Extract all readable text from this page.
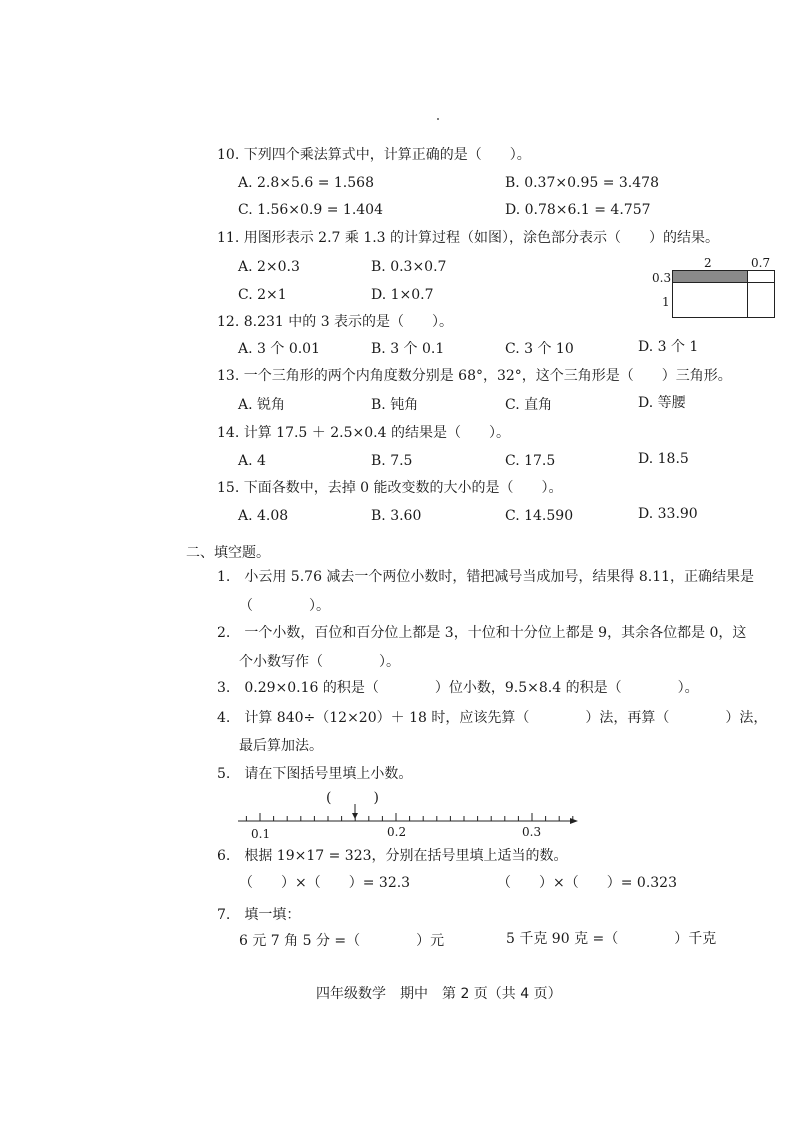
10. 下列四个乘法算式中，计算正确的是（　　）。
A. 2.8×5.6 = 1.568	B. 0.37×0.95 = 3.478
C. 1.56×0.9 = 1.404	D. 0.78×6.1 = 4.757
11. 用图形表示 2.7 乘 1.3 的计算过程（如图），涂色部分表示（　　）的结果。
A. 2×0.3	B. 0.3×0.7
C. 2×1	D. 1×0.7
2	0.7
0.3
1
12. 8.231 中的 3 表示的是（　　）。
A. 3 个 0.01	B. 3 个 0.1	C. 3 个 10	D. 3 个 1
13. 一个三角形的两个内角度数分别是 68°，32°，这个三角形是（　　）三角形。
A. 锐角	B. 钝角	C. 直角	D. 等腰
14. 计算 17.5 ＋ 2.5×0.4 的结果是（　　）。
A. 4	B. 7.5	C. 17.5	D. 18.5
15. 下面各数中，去掉 0 能改变数的大小的是（　　）。
A. 4.08	B. 3.60	C. 14.590	D. 33.90
二、填空题。
1.　小云用 5.76 减去一个两位小数时，错把减号当成加号，结果得 8.11，正确结果是
（　　　　）。
2.　一个小数，百位和百分位上都是 3，十位和十分位上都是 9，其余各位都是 0，这
个小数写作（　　　　）。
3.　0.29×0.16 的积是（　　　　）位小数，9.5×8.4 的积是（　　　　）。
4.　计算 840÷（12×20）＋ 18 时，应该先算（　　　　）法，再算（　　　　）法，
最后算加法。
5.　请在下图括号里填上小数。
(　　　)
0.1	0.2	0.3
6.　根据 19×17 = 323，分别在括号里填上适当的数。
（　　）×（　　）= 32.3	（　　）×（　　）= 0.323
7.　填一填：
6 元 7 角 5 分 =（　　　　）元	5 千克 90 克 =（　　　　）千克
四年级数学　期中　第 2 页（共 4 页）
